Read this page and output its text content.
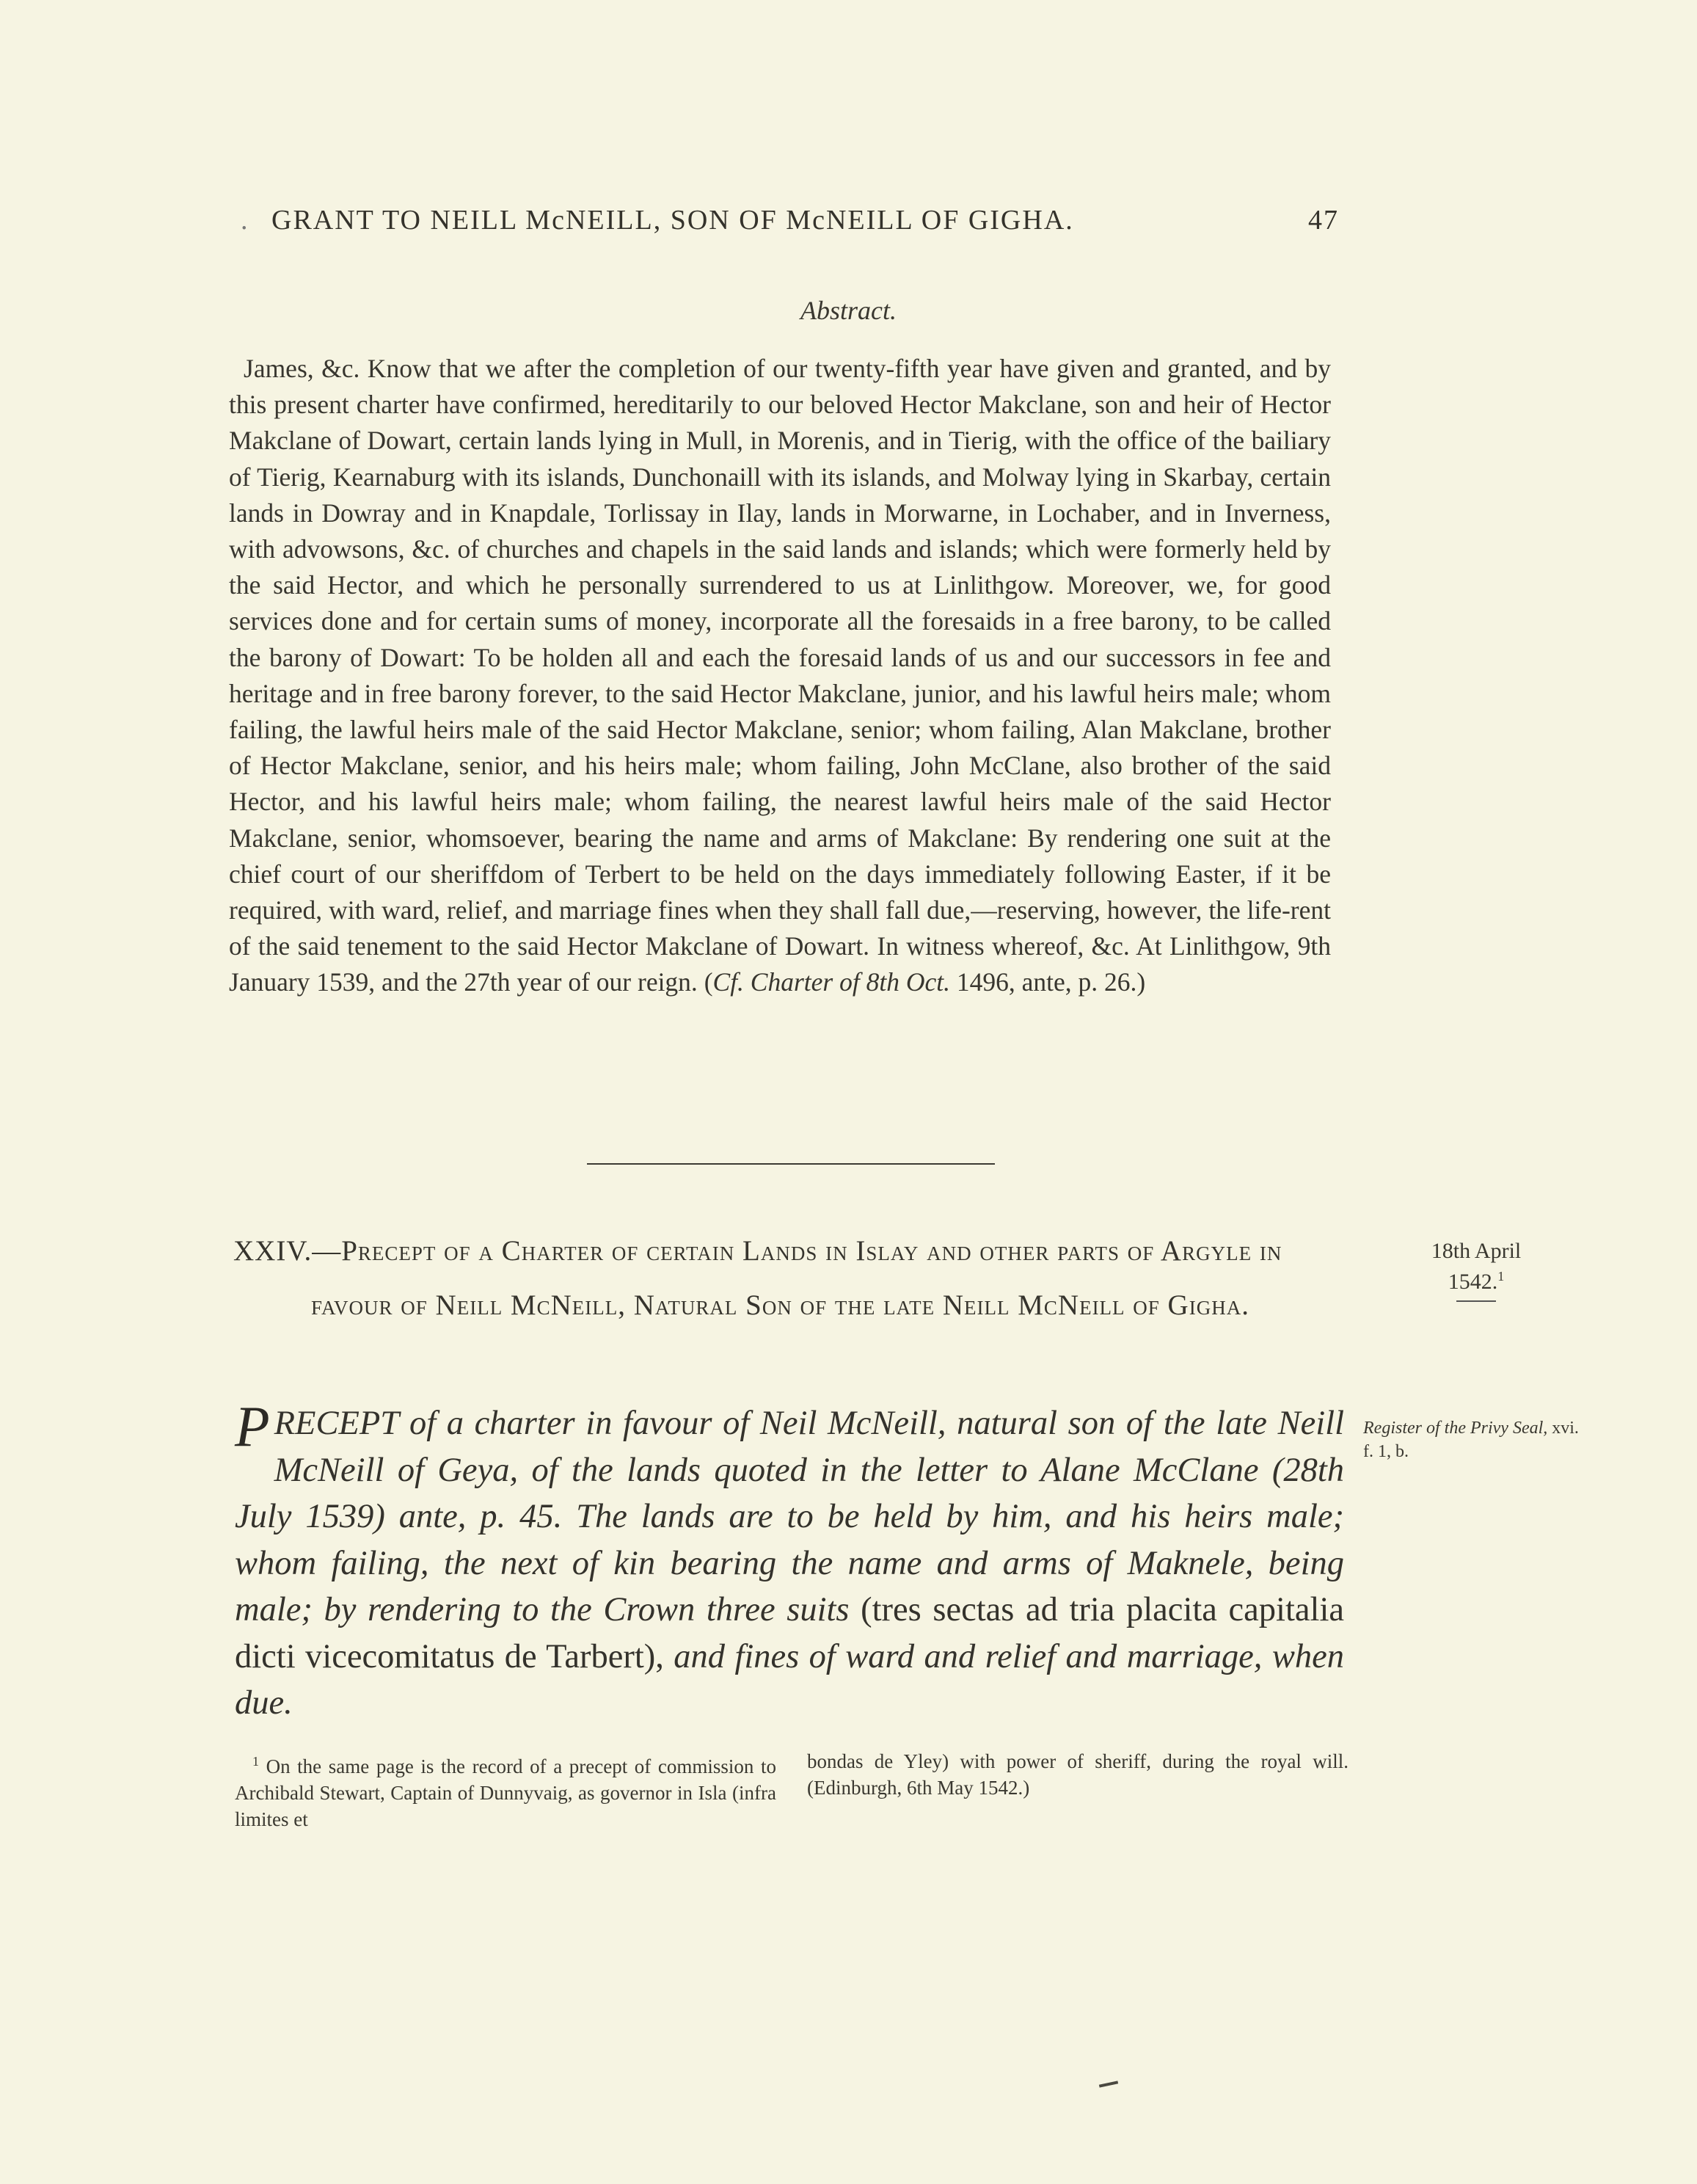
. GRANT TO NEILL McNEILL, SON OF McNEILL OF GIGHA.	47
Abstract.

James, &c. Know that we after the completion of our twenty-fifth year have given and granted, and by this present charter have confirmed, hereditarily to our beloved Hector Makclane, son and heir of Hector Makclane of Dowart, certain lands lying in Mull, in Morenis, and in Tierig, with the office of the bailiary of Tierig, Kearnaburg with its islands, Dunchonaill with its islands, and Molway lying in Skarbay, certain lands in Dowray and in Knapdale, Torlissay in Ilay, lands in Morwarne, in Lochaber, and in Inverness, with advowsons, &c. of churches and chapels in the said lands and islands; which were formerly held by the said Hector, and which he personally surrendered to us at Linlithgow. Moreover, we, for good services done and for certain sums of money, incorporate all the foresaids in a free barony, to be called the barony of Dowart: To be holden all and each the foresaid lands of us and our successors in fee and heritage and in free barony forever, to the said Hector Makclane, junior, and his lawful heirs male; whom failing, the lawful heirs male of the said Hector Makclane, senior; whom failing, Alan Makclane, brother of Hector Makclane, senior, and his heirs male; whom failing, John McClane, also brother of the said Hector, and his lawful heirs male; whom failing, the nearest lawful heirs male of the said Hector Makclane, senior, whomsoever, bearing the name and arms of Makclane: By rendering one suit at the chief court of our sheriffdom of Terbert to be held on the days immediately following Easter, if it be required, with ward, relief, and marriage fines when they shall fall due,—reserving, however, the life-rent of the said tenement to the said Hector Makclane of Dowart. In witness whereof, &c. At Linlithgow, 9th January 1539, and the 27th year of our reign. (Cf. Charter of 8th Oct. 1496, ante, p. 26.)

XXIV.—Precept of a Charter of certain Lands in Islay and other parts of Argyle in favour of Neill McNeill, Natural Son of the late Neill McNeill of Gigha.

18th April
1542.$^1$
Register of the Privy Seal, xvi. f. 1, b.

PRECEPT of a charter in favour of Neil McNeill, natural son of the late Neill McNeill of Geya, of the lands quoted in the letter to Alane McClane (28th July 1539) ante, p. 45. The lands are to be held by him, and his heirs male; whom failing, the next of kin bearing the name and arms of Maknele, being male; by rendering to the Crown three suits (tres sectas ad tria placita capitalia dicti vicecomitatus de Tarbert), and fines of ward and relief and marriage, when due.

$^1$ On the same page is the record of a precept of commission to Archibald Stewart, Captain of Dunnyvaig, as governor in Isla (infra limites et

bondas de Yley) with power of sheriff, during the royal will. (Edinburgh, 6th May 1542.)
